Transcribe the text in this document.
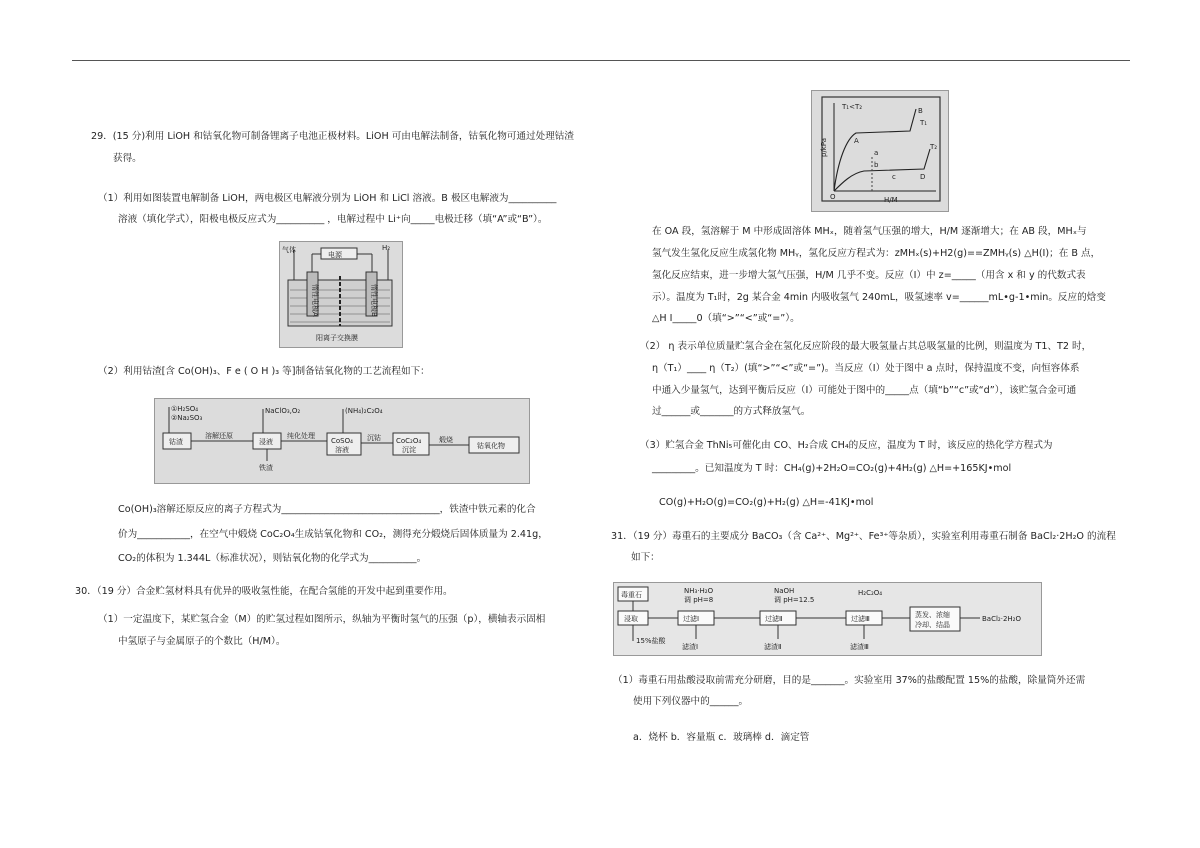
29．(15 分)利用 LiOH 和钴氧化物可制备锂离子电池正极材料。LiOH 可由电解法制备，钴氧化物可通过处理钴渣
获得。
（1）利用如图装置电解制备 LiOH，两电极区电解液分别为 LiOH 和 LiCl 溶液。B 极区电解液为__________
溶液（填化学式），阳极电极反应式为__________ ，电解过程中 Li⁺向_____电极迁移（填“A”或“B”）。
气体
电源
H₂
惰性电极A	惰性电极B
阳离子交换膜
（2）利用钴渣[含 Co(OH)₃、F e ( O H )₃ 等]制备钴氧化物的工艺流程如下：
①H₂SO₄
②Na₂SO₃
NaClO₃,O₂	(NH₄)₂C₂O₄
钴渣
溶解还原
浸液
铁渣
纯化处理
CoSO₄
溶液
沉钴 CoC₂O₄
沉淀
煅烧
钴氧化物
Co(OH)₃溶解还原反应的离子方程式为_________________________________，铁渣中铁元素的化合
价为___________，在空气中煅烧 CoC₂O₄生成钴氧化物和 CO₂，测得充分煅烧后固体质量为 2.41g，
CO₂的体积为 1.344L（标准状况），则钴氧化物的化学式为__________。
30．（19 分）合金贮氢材料具有优异的吸收氢性能，在配合氢能的开发中起到重要作用。
（1）一定温度下，某贮氢合金（M）的贮氢过程如图所示，纵轴为平衡时氢气的压强（p），横轴表示固相
中氢原子与金属原子的个数比（H/M）。
T₁<T₂
p/kPa
H/M
O
A
B
a
b
c	D
T₁
T₂
在 OA 段，氢溶解于 M 中形成固溶体 MHₓ，随着氢气压强的增大，H/M 逐渐增大；在 AB 段，MHₓ与
氢气发生氢化反应生成氢化物 MHᵧ，氢化反应方程式为：zMHₓ(s)+H2(g)==ZMHᵧ(s) △H(Ⅰ)；在 B 点，
氢化反应结束，进一步增大氢气压强，H/M 几乎不变。反应（Ⅰ）中 z=_____（用含 x 和 y 的代数式表
示）。温度为 T₁时，2g 某合金 4min 内吸收氢气 240mL，吸氢速率 v=______mL•g-1•min。反应的焓变
△H Ⅰ_____0（填“>”“<”或“=”）。
（2） η 表示单位质量贮氢合金在氢化反应阶段的最大吸氢量占其总吸氢量的比例，则温度为 T1、T2 时，
η（T₁）____ η（T₂）(填“>”“<”或“=”)。当反应（Ⅰ）处于图中 a 点时，保持温度不变，向恒容体系
中通入少量氢气，达到平衡后反应（Ⅰ）可能处于图中的_____点（填“b”“c”或“d”），该贮氢合金可通
过______或_______的方式释放氢气。
（3）贮氢合金 ThNi₅可催化由 CO、H₂合成 CH₄的反应，温度为 T 时，该反应的热化学方程式为
_________。已知温度为 T 时：CH₄(g)+2H₂O=CO₂(g)+4H₂(g) △H=+165KJ•mol
CO(g)+H₂O(g)=CO₂(g)+H₂(g) △H=-41KJ•mol
31．（19 分）毒重石的主要成分 BaCO₃（含 Ca²⁺、Mg²⁺、Fe³⁺等杂质），实验室利用毒重石制备 BaCl₂·2H₂O 的流程
如下：
毒重石
浸取
15%盐酸
NH₃·H₂O
调 pH=8
过滤Ⅰ
滤渣Ⅰ
NaOH
调 pH=12.5
过滤Ⅱ
滤渣Ⅱ
H₂C₂O₄
过滤Ⅲ
滤渣Ⅲ
蒸发、浓缩
冷却、结晶
BaCl₂·2H₂O
（1）毒重石用盐酸浸取前需充分研磨，目的是_______。实验室用 37%的盐酸配置 15%的盐酸，除量筒外还需
使用下列仪器中的______。
a．烧杯 b．容量瓶 c．玻璃棒 d．滴定管
